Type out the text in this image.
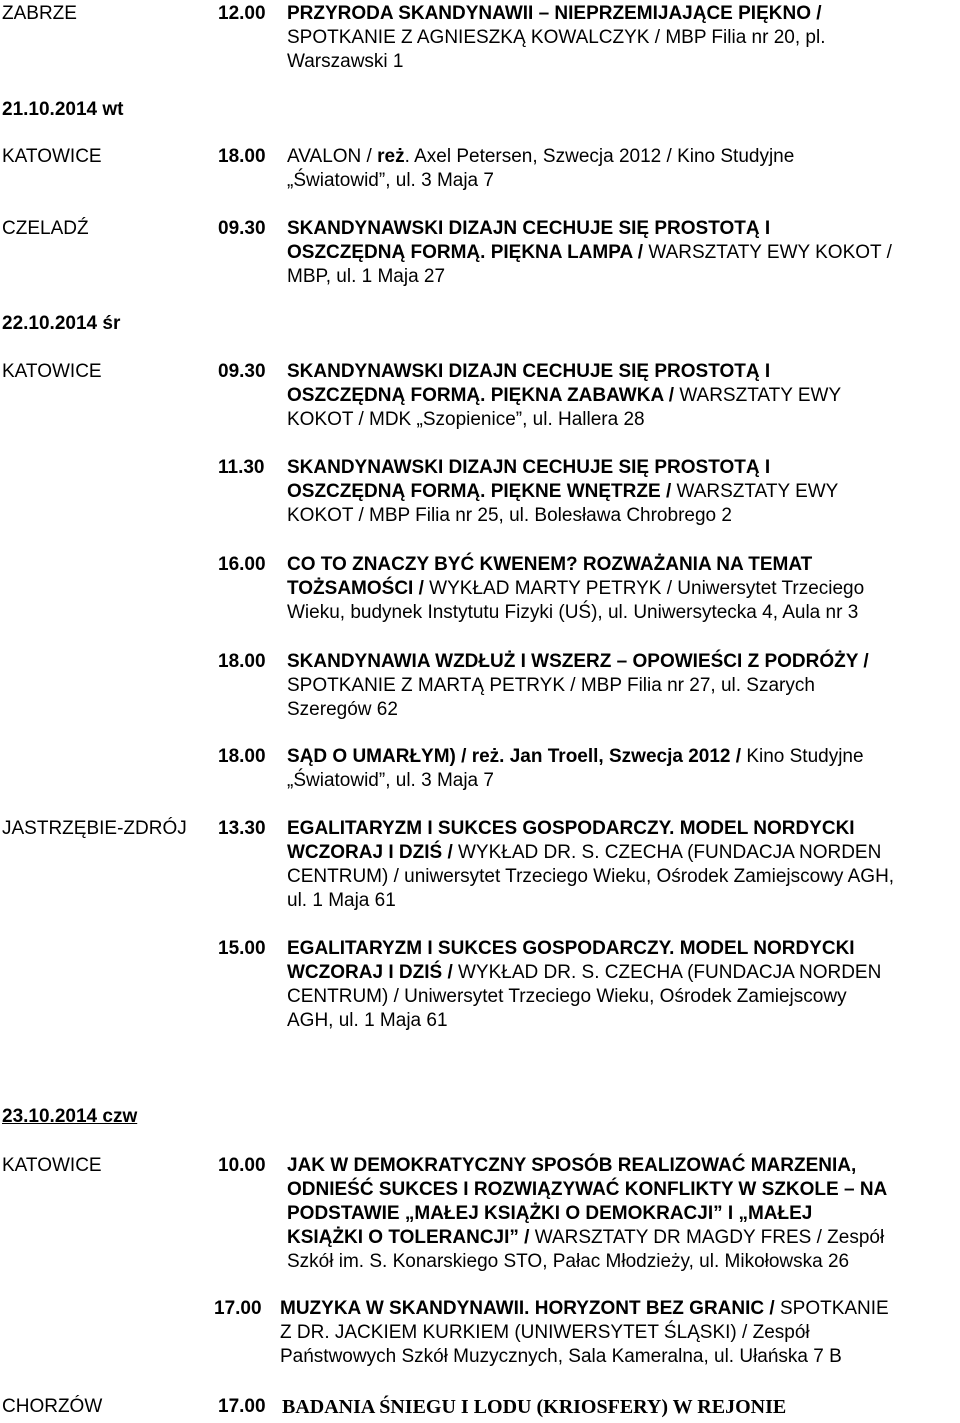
ZABRZE	12.00 PRZYRODA SKANDYNAWII – NIEPRZEMIJAJĄCE PIĘKNO /
SPOTKANIE Z AGNIESZKĄ KOWALCZYK / MBP Filia nr 20, pl.
Warszawski 1
21.10.2014 wt
KATOWICE	18.00 AVALON / reż. Axel Petersen, Szwecja 2012 / Kino Studyjne
„Światowid”, ul. 3 Maja 7
CZELADŹ	09.30 SKANDYNAWSKI DIZAJN CECHUJE SIĘ PROSTOTĄ I
OSZCZĘDNĄ FORMĄ. PIĘKNA LAMPA / WARSZTATY EWY KOKOT /
MBP, ul. 1 Maja 27
22.10.2014 śr
KATOWICE	09.30 SKANDYNAWSKI DIZAJN CECHUJE SIĘ PROSTOTĄ I
OSZCZĘDNĄ FORMĄ. PIĘKNA ZABAWKA / WARSZTATY EWY
KOKOT / MDK „Szopienice”, ul. Hallera 28
11.30 SKANDYNAWSKI DIZAJN CECHUJE SIĘ PROSTOTĄ I
OSZCZĘDNĄ FORMĄ. PIĘKNE WNĘTRZE / WARSZTATY EWY
KOKOT / MBP Filia nr 25, ul. Bolesława Chrobrego 2
16.00 CO TO ZNACZY BYĆ KWENEM? ROZWAŻANIA NA TEMAT
TOŻSAMOŚCI / WYKŁAD MARTY PETRYK / Uniwersytet Trzeciego
Wieku, budynek Instytutu Fizyki (UŚ), ul. Uniwersytecka 4, Aula nr 3
18.00 SKANDYNAWIA WZDŁUŻ I WSZERZ – OPOWIEŚCI Z PODRÓŻY /
SPOTKANIE Z MARTĄ PETRYK / MBP Filia nr 27, ul. Szarych
Szeregów 62
18.00 SĄD O UMARŁYM) / reż. Jan Troell, Szwecja 2012 / Kino Studyjne
„Światowid”, ul. 3 Maja 7
JASTRZĘBIE-ZDRÓJ 13.30 EGALITARYZM I SUKCES GOSPODARCZY. MODEL NORDYCKI
WCZORAJ I DZIŚ / WYKŁAD DR. S. CZECHA (FUNDACJA NORDEN
CENTRUM) / uniwersytet Trzeciego Wieku, Ośrodek Zamiejscowy AGH,
ul. 1 Maja 61
15.00 EGALITARYZM I SUKCES GOSPODARCZY. MODEL NORDYCKI
WCZORAJ I DZIŚ / WYKŁAD DR. S. CZECHA (FUNDACJA NORDEN
CENTRUM) / Uniwersytet Trzeciego Wieku, Ośrodek Zamiejscowy
AGH, ul. 1 Maja 61
23.10.2014 czw
KATOWICE	10.00 JAK W DEMOKRATYCZNY SPOSÓB REALIZOWAĆ MARZENIA,
ODNIEŚĆ SUKCES I ROZWIĄZYWAĆ KONFLIKTY W SZKOLE – NA
PODSTAWIE „MAŁEJ KSIĄŻKI O DEMOKRACJI” I „MAŁEJ
KSIĄŻKI O TOLERANCJI” / WARSZTATY DR MAGDY FRES / Zespół
Szkół im. S. Konarskiego STO, Pałac Młodzieży, ul. Mikołowska 26
17.00 MUZYKA W SKANDYNAWII. HORYZONT BEZ GRANIC / SPOTKANIE
Z DR. JACKIEM KURKIEM (UNIWERSYTET ŚLĄSKI) / Zespół
Państwowych Szkół Muzycznych, Sala Kameralna, ul. Ułańska 7 B
CHORZÓW	17.00 BADANIA ŚNIEGU I LODU (KRIOSFERY) W REJONIE
